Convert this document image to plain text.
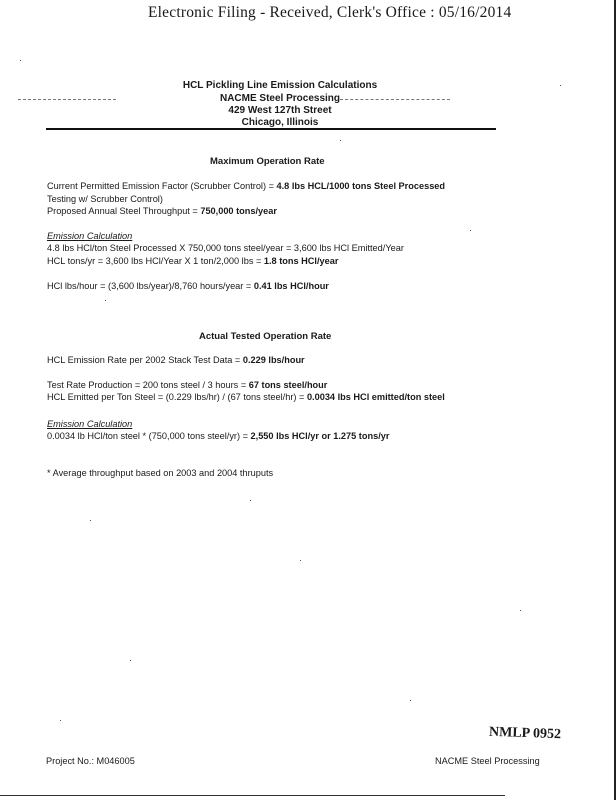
Electronic Filing - Received, Clerk's Office : 05/16/2014
HCL Pickling Line Emission Calculations
NACME Steel Processing
429 West 127th Street
Chicago, Illinois
Maximum Operation Rate
Current Permitted Emission Factor (Scrubber Control) = 4.8 lbs HCL/1000 tons Steel Processed
Testing w/ Scrubber Control)
Proposed Annual Steel Throughput = 750,000 tons/year
Emission Calculation
4.8 lbs HCl/ton Steel Processed X 750,000 tons steel/year = 3,600 lbs HCl Emitted/Year
HCL tons/yr = 3,600 lbs HCl/Year X 1 ton/2,000 lbs = 1.8 tons HCl/year
HCl lbs/hour = (3,600 lbs/year)/8,760 hours/year = 0.41 lbs HCl/hour
Actual Tested Operation Rate
HCL Emission Rate per 2002 Stack Test Data = 0.229 lbs/hour
Test Rate Production = 200 tons steel / 3 hours = 67 tons steel/hour
HCL Emitted per Ton Steel = (0.229 lbs/hr) / (67 tons steel/hr) = 0.0034 lbs HCl emitted/ton steel
Emission Calculation
0.0034 lb HCl/ton steel * (750,000 tons steel/yr) = 2,550 lbs HCl/yr or 1.275 tons/yr
* Average throughput based on 2003 and 2004 thruputs
NMLP 0952
Project No.: M046005	NACME Steel Processing
